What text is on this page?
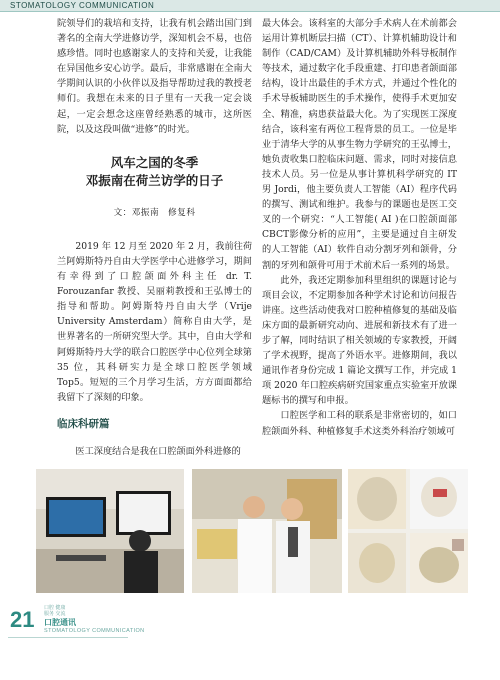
STOMATOLOGY COMMUNICATION

院领导们的栽培和支持，让我有机会踏出国门到著名的全南大学进修访学，深知机会不易，也倍感珍惜。同时也感谢家人的支持和关爱，让我能在异国他乡安心访学。最后，非常感谢在全南大学期间认识的小伙伴以及指导帮助过我的教授老师们。我想在未来的日子里有一天我一定会谈起，一定会想念这座曾经熟悉的城市，这所医院，以及这段叫做“进修”的时光。

风车之国的冬季
邓振南在荷兰访学的日子
文：邓振南　修复科

2019 年 12 月至 2020 年 2 月，我前往荷兰阿姆斯特丹自由大学医学中心进修学习，期间有幸得到了口腔颌面外科主任 dr. T. Forouzanfar 教授、吴丽莉教授和王弘博士的指导和帮助。阿姆斯特丹自由大学（Vrije University Amsterdam）简称自由大学，是世界著名的一所研究型大学。其中，自由大学和阿姆斯特丹大学的联合口腔医学中心位列全球第 35 位，其科研实力是全球口腔医学领域 Top5。短短的三个月学习生活，方方面面都给我留下了深刻的印象。

临床科研篇

医工深度结合是我在口腔颌面外科进修的

最大体会。该科室的大部分手术病人在术前都会运用计算机断层扫描（CT）、计算机辅助设计和制作（CAD/CAM）及计算机辅助外科导板制作等技术，通过数字化手段重建、打印患者颌面部结构，设计出最佳的手术方式，并通过个性化的手术导板辅助医生的手术操作，使得手术更加安全、精准，病患获益最大化。为了实现医工深度结合，该科室有两位工程背景的员工。一位是毕业于清华大学的从事生物力学研究的王弘博士，她负责收集口腔临床问题、需求，同时对接信息技术人员。另一位是从事计算机科学研究的 IT 男 Jordi，他主要负责人工智能（AI）程序代码的撰写、测试和维护。我参与的课题也是医工交叉的一个研究：“人工智能( AI )在口腔颌面部CBCT影像分析的应用”，主要是通过自主研发的人工智能（AI）软件自动分割牙列和颌骨，分割的牙列和颌骨可用于术前术后一系列的场景。

此外，我还定期参加科里组织的课题讨论与项目会议，不定期参加各种学术讨论和访问报告讲座。这些活动使我对口腔种植修复的基础及临床方面的最新研究动向、进展和新技术有了进一步了解，同时结识了相关领域的专家教授，开阔了学术视野，提高了外语水平。进修期间，我以通讯作者身份完成 1 篇论文撰写工作，并完成 1 项 2020 年口腔疾病研究国家重点实验室开放课题标书的撰写和申报。

口腔医学和工科的联系是非常密切的，如口腔颌面外科、种植修复手术这类外科治疗领域可

21 口腔 健康
服务 交流
口腔通讯
STOMATOLOGY COMMUNICATION
